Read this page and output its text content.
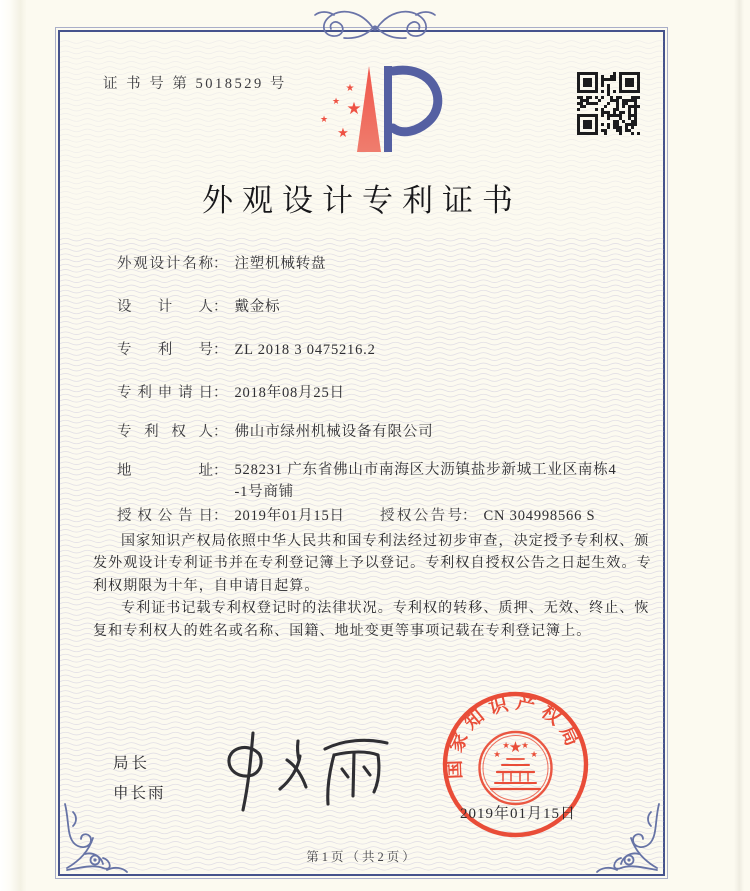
证 书 号 第 5018529 号	★
★
★
★
★
外观设计专利证书
外观设计名称： 注塑机械转盘
设计人： 戴金标
专利号： ZL 2018 3 0475216.2
专利申请日： 2018年08月25日
专利权人： 佛山市绿州机械设备有限公司
地址： 528231 广东省佛山市南海区大沥镇盐步新城工业区南栋4
-1号商铺
授权公告日： 2019年01月15日 授权公告号： CN 304998566 S

国家知识产权局依照中华人民共和国专利法经过初步审查，决定授予专利权、颁发外观设计专利证书并在专利登记簿上予以登记。专利权自授权公告之日起生效。专利权期限为十年，自申请日起算。

专利证书记载专利权登记时的法律状况。专利权的转移、质押、无效、终止、恢复和专利权人的姓名或名称、国籍、地址变更等事项记载在专利登记簿上。

局长
申长雨
国家知识产权局
★
★
★ ★
★
2019年01月15日
第1页（共2页）
